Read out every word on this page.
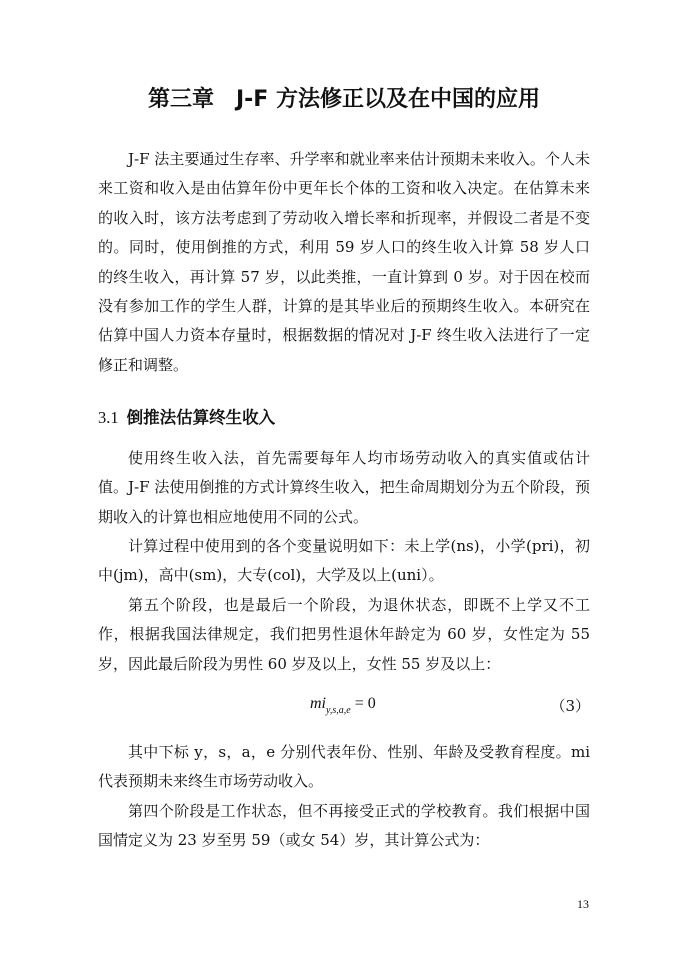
第三章　J-F 方法修正以及在中国的应用

J-F 法主要通过生存率、升学率和就业率来估计预期未来收入。个人未来工资和收入是由估算年份中更年长个体的工资和收入决定。在估算未来的收入时，该方法考虑到了劳动收入增长率和折现率，并假设二者是不变的。同时，使用倒推的方式，利用 59 岁人口的终生收入计算 58 岁人口的终生收入，再计算 57 岁，以此类推，一直计算到 0 岁。对于因在校而没有参加工作的学生人群，计算的是其毕业后的预期终生收入。本研究在估算中国人力资本存量时，根据数据的情况对 J-F 终生收入法进行了一定修正和调整。

3.1 倒推法估算终生收入

使用终生收入法，首先需要每年人均市场劳动收入的真实值或估计值。J-F 法使用倒推的方式计算终生收入，把生命周期划分为五个阶段，预期收入的计算也相应地使用不同的公式。

计算过程中使用到的各个变量说明如下：未上学(ns)，小学(pri)，初中(jm)，高中(sm)，大专(col)，大学及以上(uni）。

第五个阶段，也是最后一个阶段，为退休状态，即既不上学又不工作，根据我国法律规定，我们把男性退休年龄定为 60 岁，女性定为 55 岁，因此最后阶段为男性 60 岁及以上，女性 55 岁及以上：

$mi_{y,s,a,e} = 0$	（3）

其中下标 y，s，a，e 分别代表年份、性别、年龄及受教育程度。mi 代表预期未来终生市场劳动收入。

第四个阶段是工作状态，但不再接受正式的学校教育。我们根据中国国情定义为 23 岁至男 59（或女 54）岁，其计算公式为：

13
